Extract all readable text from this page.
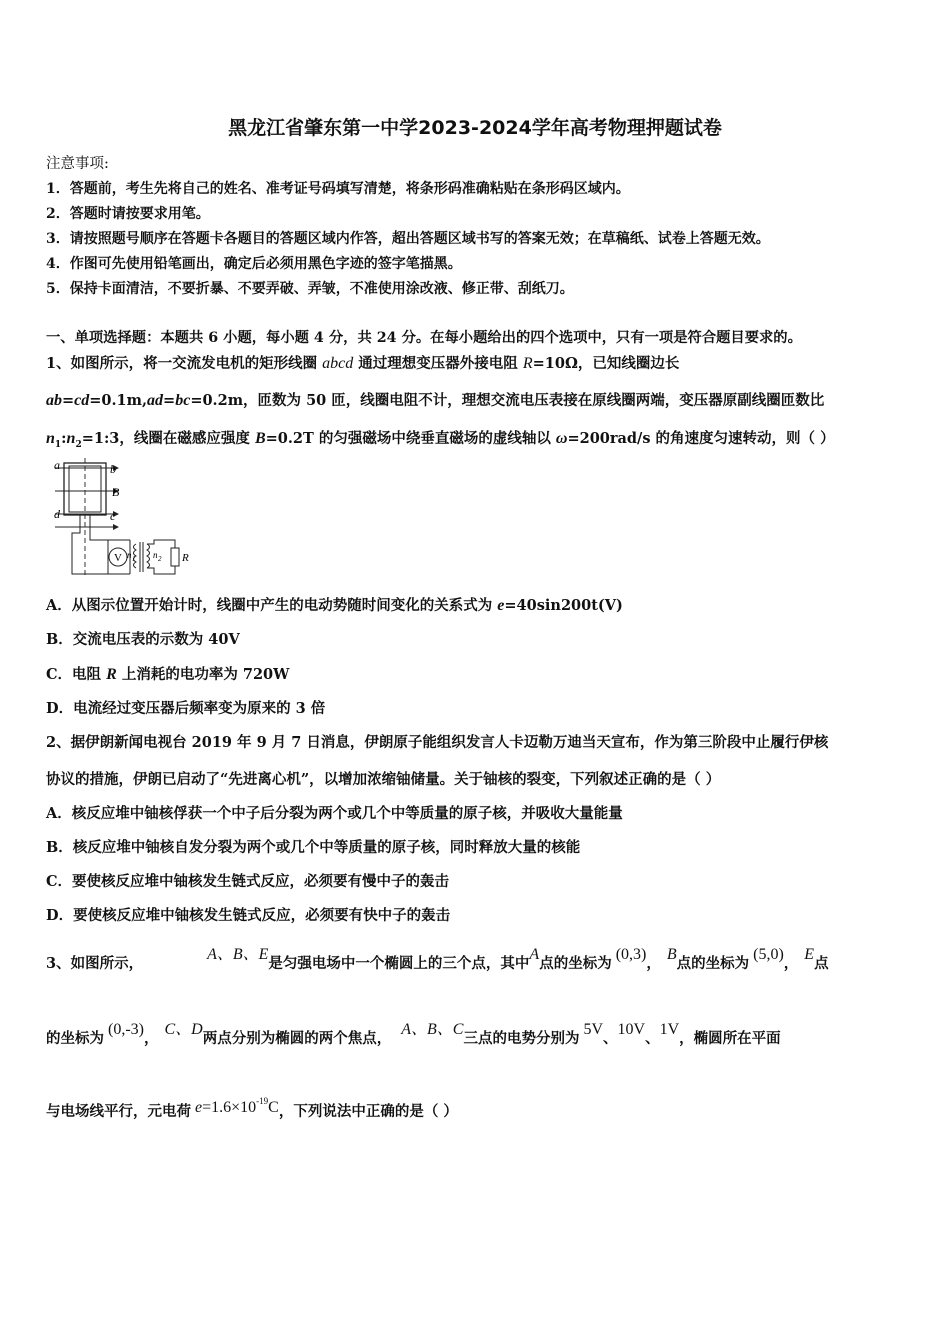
黑龙江省肇东第一中学2023-2024学年高考物理押题试卷
注意事项:
1．答题前，考生先将自己的姓名、准考证号码填写清楚，将条形码准确粘贴在条形码区域内。
2．答题时请按要求用笔。
3．请按照题号顺序在答题卡各题目的答题区域内作答，超出答题区域书写的答案无效；在草稿纸、试卷上答题无效。
4．作图可先使用铅笔画出，确定后必须用黑色字迹的签字笔描黑。
5．保持卡面清洁，不要折暴、不要弄破、弄皱，不准使用涂改液、修正带、刮纸刀。
一、单项选择题：本题共 6 小题，每小题 4 分，共 24 分。在每小题给出的四个选项中，只有一项是符合题目要求的。
1、如图所示，将一交流发电机的矩形线圈 abcd 通过理想变压器外接电阻 R=10Ω，已知线圈边长
ab=cd=0.1m,ad=bc=0.2m，匝数为 50 匝，线圈电阻不计，理想交流电压表接在原线圈两端，变压器原副线圈匝数比
$n_1:n_2=1:3$，线圈在磁感应强度 B=0.2T 的匀强磁场中绕垂直磁场的虚线轴以 ω=200rad/s 的角速度匀速转动，则（ ）
a	b
B
d	c
V n 1 n 2 R
A．从图示位置开始计时，线圈中产生的电动势随时间变化的关系式为 e=40sin200t(V)
B．交流电压表的示数为 40V
C．电阻 R 上消耗的电功率为 720W
D．电流经过变压器后频率变为原来的 3 倍
2、据伊朗新闻电视台 2019 年 9 月 7 日消息，伊朗原子能组织发言人卡迈勒万迪当天宣布，作为第三阶段中止履行伊核
协议的措施，伊朗已启动了“先进离心机”，以增加浓缩铀储量。关于铀核的裂变，下列叙述正确的是（ ）
A．核反应堆中铀核俘获一个中子后分裂为两个或几个中等质量的原子核，并吸收大量能量
B．核反应堆中铀核自发分裂为两个或几个中等质量的原子核，同时释放大量的核能
C．要使核反应堆中铀核发生链式反应，必须要有慢中子的轰击
D．要使核反应堆中铀核发生链式反应，必须要有快中子的轰击
3、如图所示，A、B、E是匀强电场中一个椭圆上的三个点，其中A点的坐标为(0,3)，B点的坐标为(5,0)，E点
的坐标为(0,-3)，C、D两点分别为椭圆的两个焦点，A、B、C三点的电势分别为5V、10V、1V，椭圆所在平面
与电场线平行，元电荷 e=1.6×10$^{-19}$C，下列说法中正确的是（ ）
